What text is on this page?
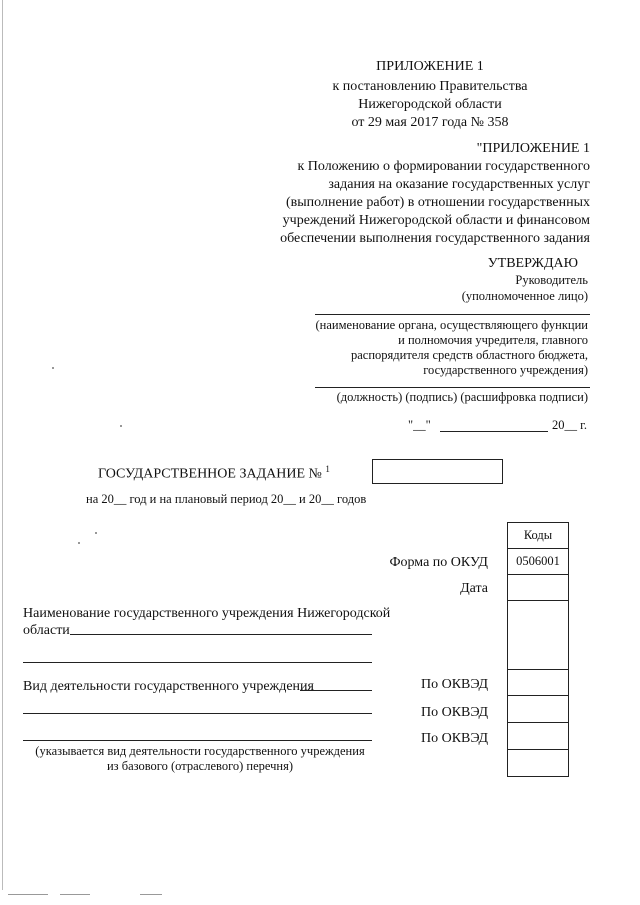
ПРИЛОЖЕНИЕ 1
к постановлению Правительства
Нижегородской области
от 29 мая 2017 года № 358
"ПРИЛОЖЕНИЕ 1
к Положению о формировании государственного
задания на оказание государственных услуг
(выполнение работ) в отношении государственных
учреждений Нижегородской области и финансовом
обеспечении выполнения государственного задания
УТВЕРЖДАЮ
Руководитель
(уполномоченное лицо)
(наименование органа, осуществляющего функции
и полномочия учредителя, главного
распорядителя средств областного бюджета,
государственного учреждения)
(должность) (подпись) (расшифровка подписи)
"__"	20__ г.
ГОСУДАРСТВЕННОЕ ЗАДАНИЕ № $^1$
на 20__ год и на плановый период 20__ и 20__ годов
Коды
0506001
Форма по ОКУД
Дата
По ОКВЭД
По ОКВЭД
По ОКВЭД
Наименование государственного учреждения Нижегородской
области
Вид деятельности государственного учреждения
(указывается вид деятельности государственного учреждения
из базового (отраслевого) перечня)
